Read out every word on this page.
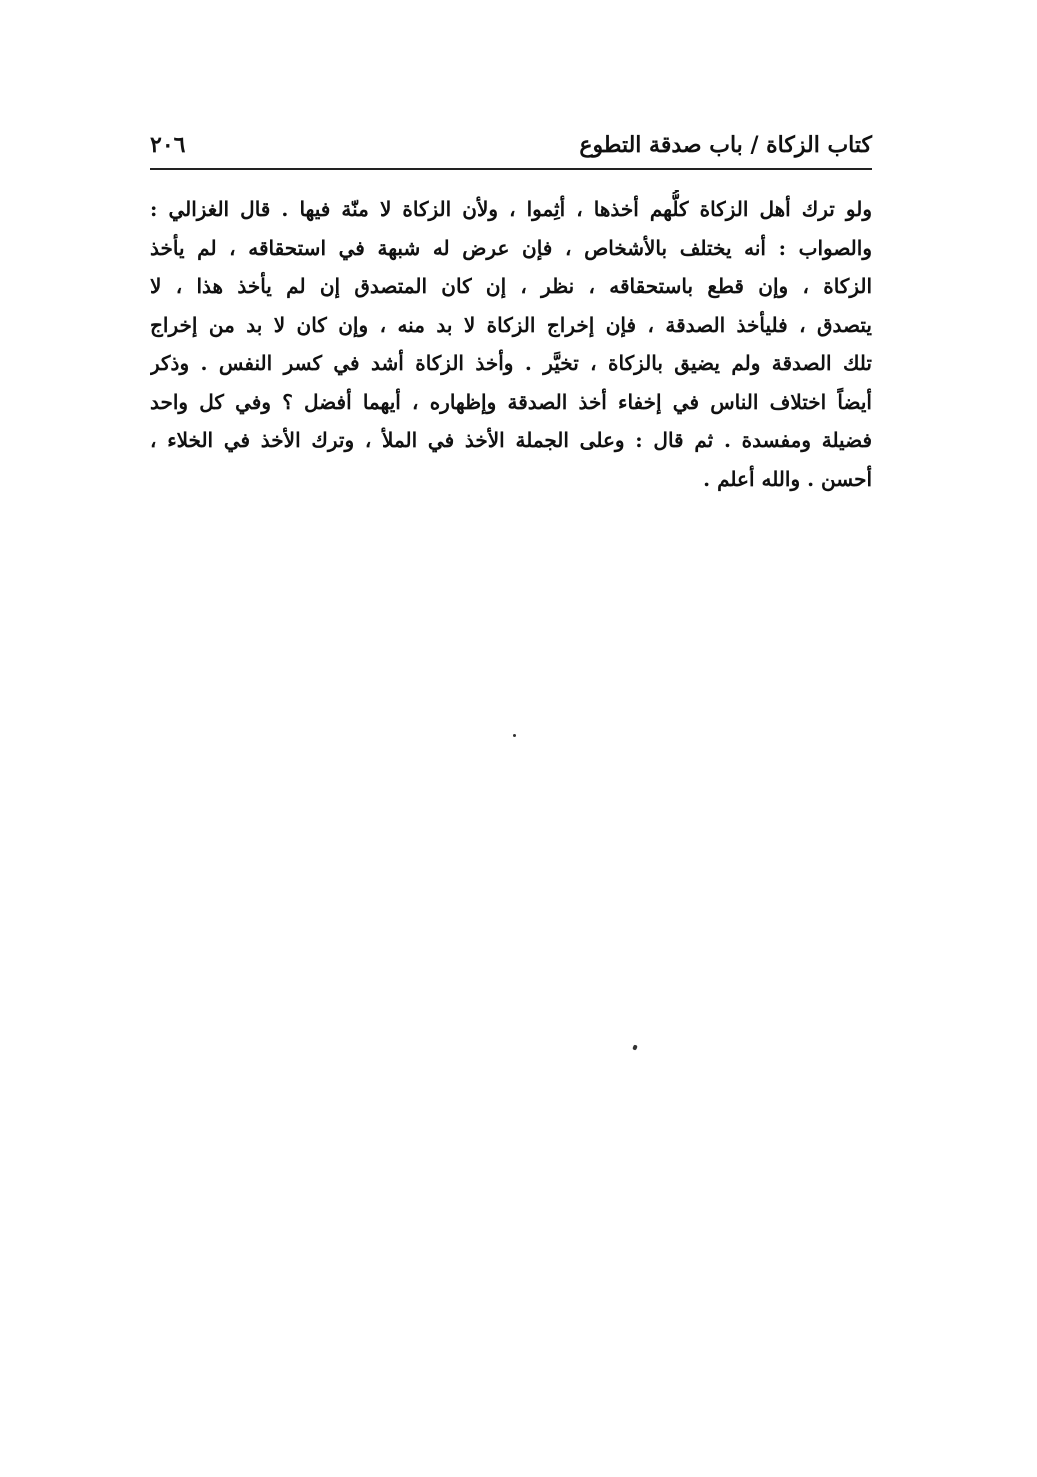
كتاب الزكاة / باب صدقة التطوع
٢٠٦
ولو ترك أهل الزكاة كلُّهم أخذها ، أثِموا ، ولأن الزكاة لا منّة فيها . قال الغزالي :
والصواب : أنه يختلف بالأشخاص ، فإن عرض له شبهة في استحقاقه ، لم يأخذ
الزكاة ، وإن قطع باستحقاقه ، نظر ، إن كان المتصدق إن لم يأخذ هذا ، لا
يتصدق ، فليأخذ الصدقة ، فإن إخراج الزكاة لا بد منه ، وإن كان لا بد من إخراج
تلك الصدقة ولم يضيق بالزكاة ، تخيَّر . وأخذ الزكاة أشد في كسر النفس . وذكر
أيضاً اختلاف الناس في إخفاء أخذ الصدقة وإظهاره ، أيهما أفضل ؟ وفي كل واحد
فضيلة ومفسدة . ثم قال : وعلى الجملة الأخذ في الملأ ، وترك الأخذ في الخلاء ،
أحسن . والله أعلم .
